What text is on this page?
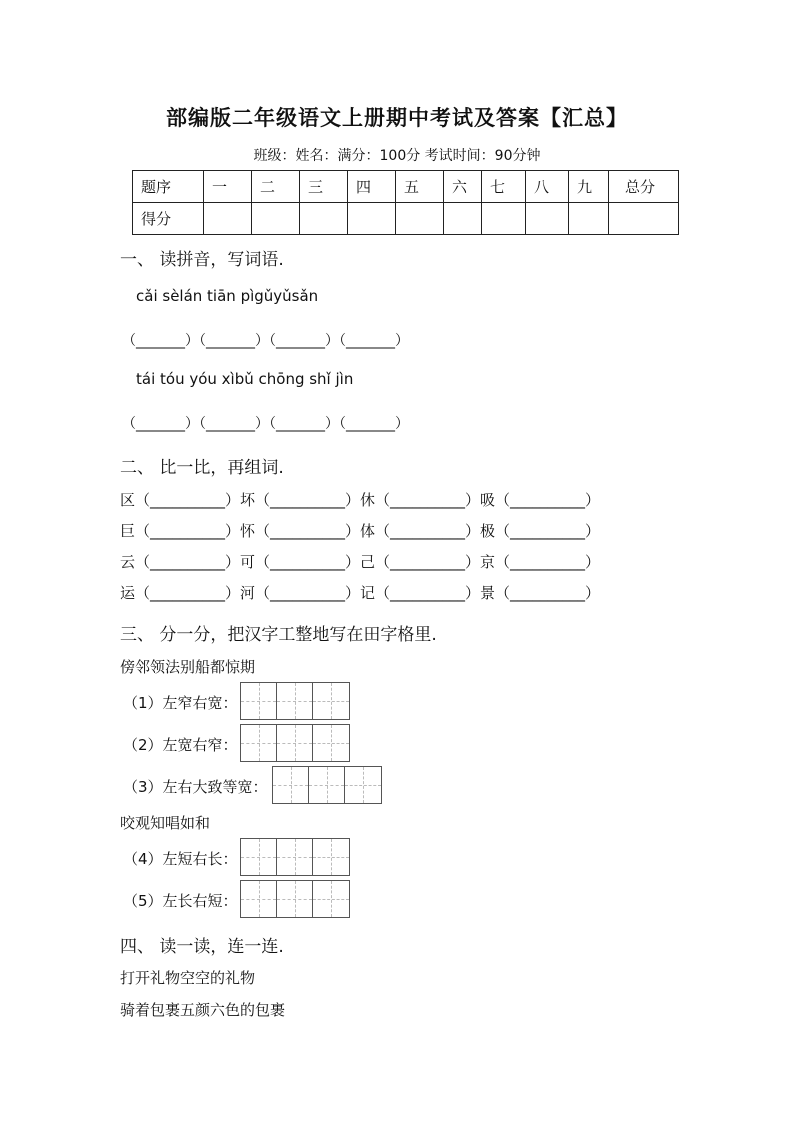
部编版二年级语文上册期中考试及答案【汇总】
班级：姓名：满分：100分 考试时间：90分钟
题序	一	二	三	四	五	六	七	八	九	总分
得分										
一、 读拼音，写词语.
cǎi sèlán tiān pìgǔyǔsǎn
（_______）（_______）（_______）（_______）
tái tóu yóu xìbǔ chōng shǐ jìn
（_______）（_______）（_______）（_______）
二、 比一比，再组词.
区（__________）坏（__________）休（__________）吸（__________）
巨（__________）怀（__________）体（__________）极（__________）
云（__________）可（__________）己（__________）京（__________）
运（__________）河（__________）记（__________）景（__________）
三、 分一分，把汉字工整地写在田字格里.
傍邻领法别船都惊期
（1）左窄右宽：
（2）左宽右窄：
（3）左右大致等宽：
咬观知唱如和
（4）左短右长：
（5）左长右短：
四、 读一读，连一连.
打开礼物空空的礼物
骑着包裹五颜六色的包裹
